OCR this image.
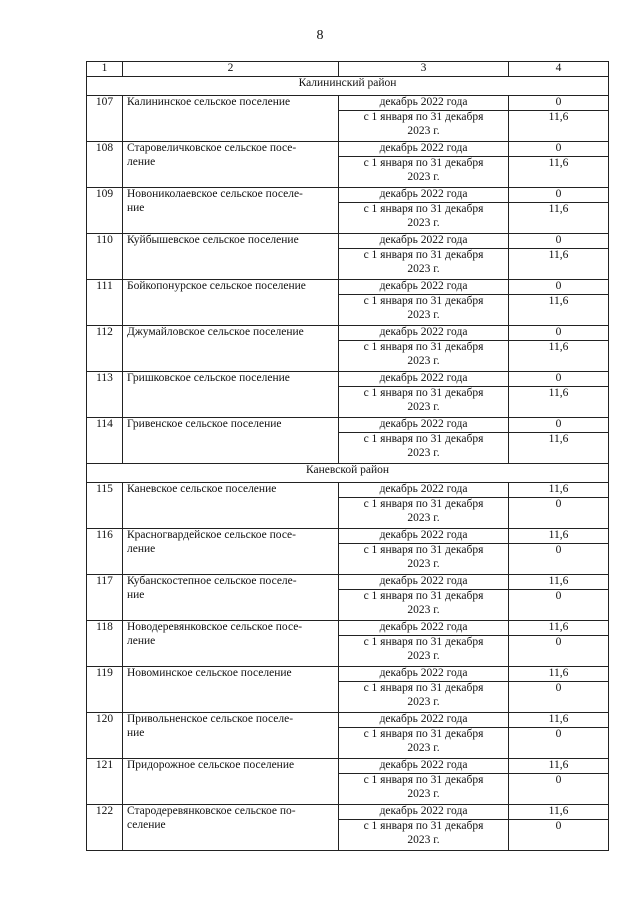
8
1	2	3	4
Калининский район			
107	Калининское сельское поселение	декабрь 2022 года	0

		с 1 января по 31 декабря
2023 г.	11,6
108	Старовеличковское сельское посе-
ление	декабрь 2022 года	0

		с 1 января по 31 декабря
2023 г.	11,6
109	Новониколаевское сельское поселе-
ние	декабрь 2022 года	0

		с 1 января по 31 декабря
2023 г.	11,6
110	Куйбышевское сельское поселение	декабрь 2022 года	0

		с 1 января по 31 декабря
2023 г.	11,6
111	Бойкопонурское сельское поселение	декабрь 2022 года	0

		с 1 января по 31 декабря
2023 г.	11,6
112	Джумайловское сельское поселение	декабрь 2022 года	0

		с 1 января по 31 декабря
2023 г.	11,6
113	Гришковское сельское поселение	декабрь 2022 года	0

		с 1 января по 31 декабря
2023 г.	11,6
114	Гривенское сельское поселение	декабрь 2022 года	0

		с 1 января по 31 декабря
2023 г.	11,6
Каневской район			
115	Каневское сельское поселение	декабрь 2022 года	11,6

		с 1 января по 31 декабря
2023 г.	0
116	Красногвардейское сельское посе-
ление	декабрь 2022 года	11,6

		с 1 января по 31 декабря
2023 г.	0
117	Кубанскостепное сельское поселе-
ние	декабрь 2022 года	11,6

		с 1 января по 31 декабря
2023 г.	0
118	Новодеревянковское сельское посе-
ление	декабрь 2022 года	11,6

		с 1 января по 31 декабря
2023 г.	0
119	Новоминское сельское поселение	декабрь 2022 года	11,6

		с 1 января по 31 декабря
2023 г.	0
120	Привольненское сельское поселе-
ние	декабрь 2022 года	11,6

		с 1 января по 31 декабря
2023 г.	0
121	Придорожное сельское поселение	декабрь 2022 года	11,6

		с 1 января по 31 декабря
2023 г.	0
122	Стародеревянковское сельское по-
селение	декабрь 2022 года	11,6

		с 1 января по 31 декабря
2023 г.	0
